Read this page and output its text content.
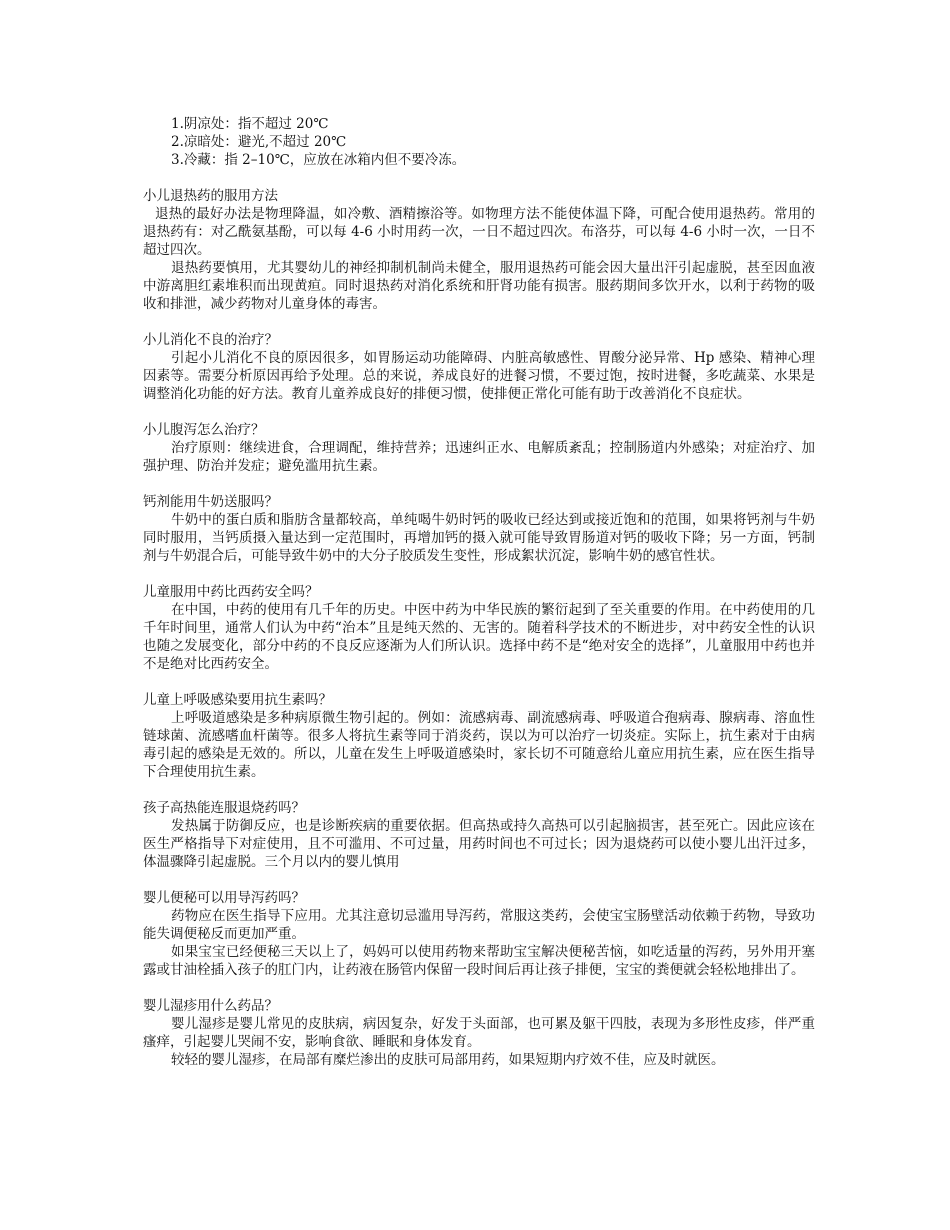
1.阴凉处：指不超过 20℃
2.凉暗处：避光,不超过 20℃
3.冷藏：指 2–10℃，应放在冰箱内但不要冷冻。
小儿退热药的服用方法

退热的最好办法是物理降温，如冷敷、酒精擦浴等。如物理方法不能使体温下降，可配合使用退热药。常用的退热药有：对乙酰氨基酚，可以每 4-6 小时用药一次，一日不超过四次。布洛芬，可以每 4-6 小时一次，一日不超过四次。

退热药要慎用，尤其婴幼儿的神经抑制机制尚未健全，服用退热药可能会因大量出汗引起虚脱，甚至因血液中游离胆红素堆积而出现黄疸。同时退热药对消化系统和肝肾功能有损害。服药期间多饮开水，以利于药物的吸收和排泄，减少药物对儿童身体的毒害。

小儿消化不良的治疗？

引起小儿消化不良的原因很多，如胃肠运动功能障碍、内脏高敏感性、胃酸分泌异常、Hp 感染、精神心理因素等。需要分析原因再给予处理。总的来说，养成良好的进餐习惯，不要过饱，按时进餐，多吃蔬菜、水果是调整消化功能的好方法。教育儿童养成良好的排便习惯，使排便正常化可能有助于改善消化不良症状。

小儿腹泻怎么治疗？

治疗原则：继续进食，合理调配，维持营养；迅速纠正水、电解质紊乱；控制肠道内外感染；对症治疗、加强护理、防治并发症；避免滥用抗生素。

钙剂能用牛奶送服吗？

牛奶中的蛋白质和脂肪含量都较高，单纯喝牛奶时钙的吸收已经达到或接近饱和的范围，如果将钙剂与牛奶同时服用，当钙质摄入量达到一定范围时，再增加钙的摄入就可能导致胃肠道对钙的吸收下降；另一方面，钙制剂与牛奶混合后，可能导致牛奶中的大分子胶质发生变性，形成絮状沉淀，影响牛奶的感官性状。

儿童服用中药比西药安全吗？

在中国，中药的使用有几千年的历史。中医中药为中华民族的繁衍起到了至关重要的作用。在中药使用的几千年时间里，通常人们认为中药“治本”且是纯天然的、无害的。随着科学技术的不断进步，对中药安全性的认识也随之发展变化，部分中药的不良反应逐渐为人们所认识。选择中药不是“绝对安全的选择”，儿童服用中药也并不是绝对比西药安全。

儿童上呼吸感染要用抗生素吗？

上呼吸道感染是多种病原微生物引起的。例如：流感病毒、副流感病毒、呼吸道合孢病毒、腺病毒、溶血性链球菌、流感嗜血杆菌等。很多人将抗生素等同于消炎药，误以为可以治疗一切炎症。实际上，抗生素对于由病毒引起的感染是无效的。所以，儿童在发生上呼吸道感染时，家长切不可随意给儿童应用抗生素，应在医生指导下合理使用抗生素。

孩子高热能连服退烧药吗？

发热属于防御反应，也是诊断疾病的重要依据。但高热或持久高热可以引起脑损害，甚至死亡。因此应该在医生严格指导下对症使用，且不可滥用、不可过量，用药时间也不可过长；因为退烧药可以使小婴儿出汗过多，体温骤降引起虚脱。三个月以内的婴儿慎用

婴儿便秘可以用导泻药吗？

药物应在医生指导下应用。尤其注意切忌滥用导泻药，常服这类药，会使宝宝肠壁活动依赖于药物，导致功能失调便秘反而更加严重。

如果宝宝已经便秘三天以上了，妈妈可以使用药物来帮助宝宝解决便秘苦恼，如吃适量的泻药，另外用开塞露或甘油栓插入孩子的肛门内，让药液在肠管内保留一段时间后再让孩子排便，宝宝的粪便就会轻松地排出了。

婴儿湿疹用什么药品？

婴儿湿疹是婴儿常见的皮肤病，病因复杂，好发于头面部，也可累及躯干四肢，表现为多形性皮疹，伴严重瘙痒，引起婴儿哭闹不安，影响食欲、睡眠和身体发育。

较轻的婴儿湿疹，在局部有糜烂渗出的皮肤可局部用药，如果短期内疗效不佳，应及时就医。
